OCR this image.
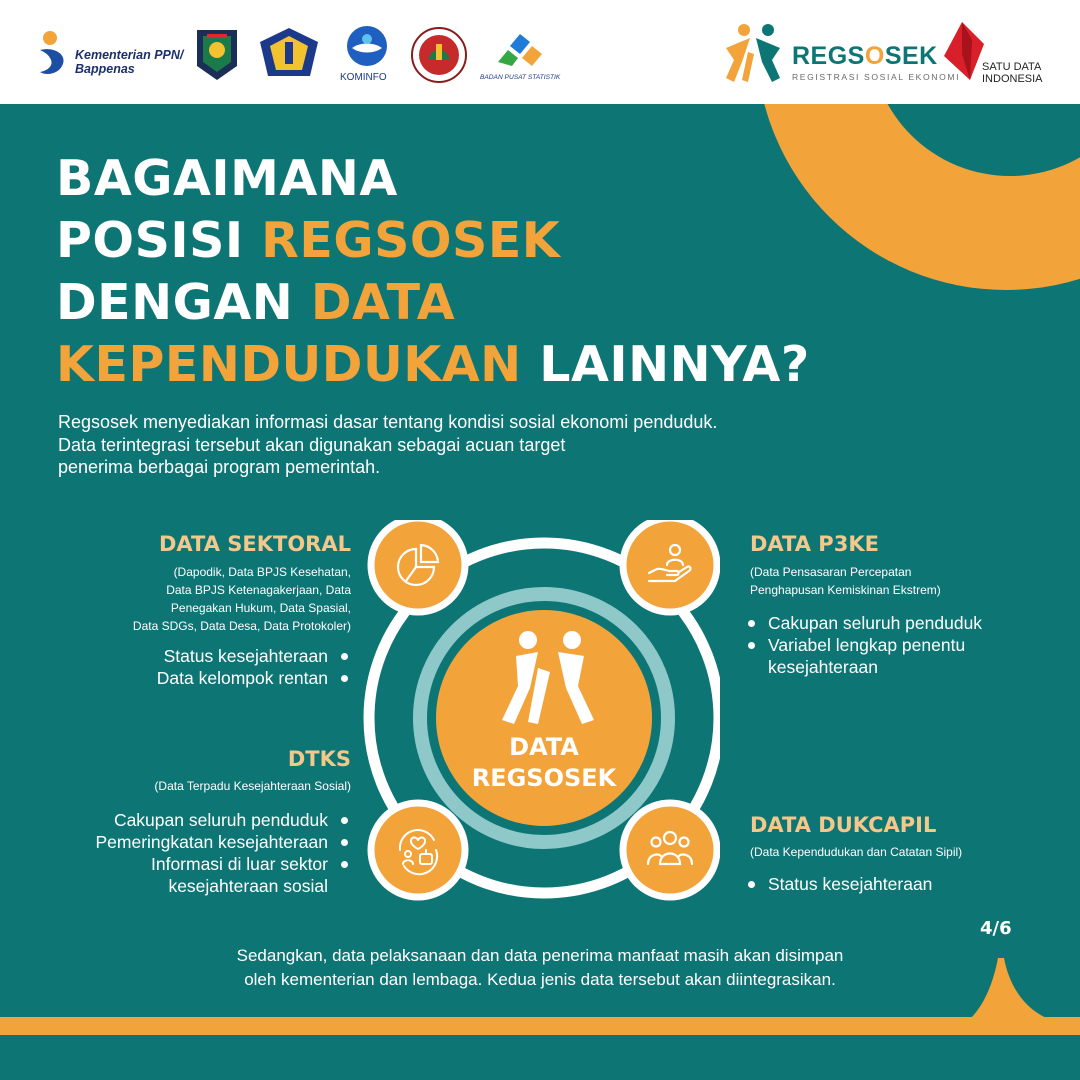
Kementerian PPN/
Bappenas
KOMINFO	BADAN PUSAT STATISTIK
REGSOSEK
REGISTRASI SOSIAL EKONOMI
SATU DATA
INDONESIA
BAGAIMANA
POSISI REGSOSEK
DENGAN DATA
KEPENDUDUKAN LAINNYA?
Regsosek menyediakan informasi dasar tentang kondisi sosial ekonomi penduduk.
Data terintegrasi tersebut akan digunakan sebagai acuan target
penerima berbagai program pemerintah.
DATA SEKTORAL
(Dapodik, Data BPJS Kesehatan,
Data BPJS Ketenagakerjaan, Data
Penegakan Hukum, Data Spasial,
Data SDGs, Data Desa, Data Protokoler)
Status kesejahteraan
Data kelompok rentan
DATA P3KE
(Data Pensasaran Percepatan
Penghapusan Kemiskinan Ekstrem)
Cakupan seluruh penduduk
Variabel lengkap penentu
kesejahteraan
DTKS
(Data Terpadu Kesejahteraan Sosial)
Cakupan seluruh penduduk
Pemeringkatan kesejahteraan
Informasi di luar sektor
kesejahteraan sosial
DATA DUKCAPIL
(Data Kependudukan dan Catatan Sipil)
Status kesejahteraan
DATA
REGSOSEK
4/6
Sedangkan, data pelaksanaan dan data penerima manfaat masih akan disimpan
oleh kementerian dan lembaga. Kedua jenis data tersebut akan diintegrasikan.
